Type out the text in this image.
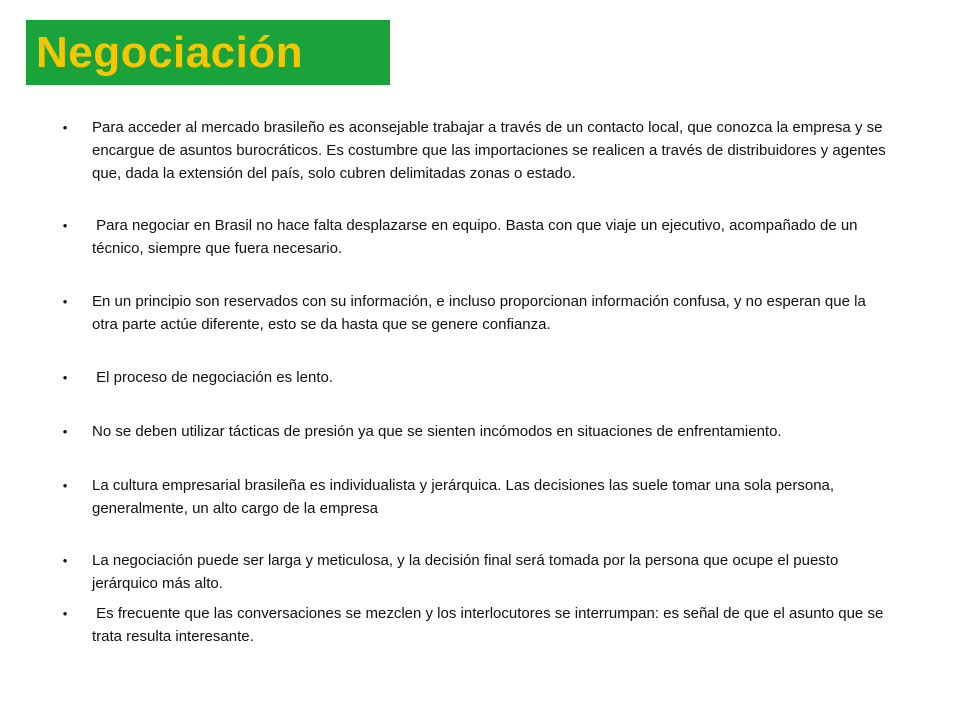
Negociación
•	Para acceder al mercado brasileño es aconsejable trabajar a través de un contacto local, que conozca la empresa y se encargue de asuntos burocráticos. Es costumbre que las importaciones se realicen a través de distribuidores y agentes que, dada la extensión del país, solo cubren delimitadas zonas o estado.
•	Para negociar en Brasil no hace falta desplazarse en equipo. Basta con que viaje un ejecutivo, acompañado de un técnico, siempre que fuera necesario.
•	En un principio son reservados con su información, e incluso proporcionan información confusa, y no esperan que la otra parte actúe diferente, esto se da hasta que se genere confianza.
•	El proceso de negociación es lento.
•	No se deben utilizar tácticas de presión ya que se sienten incómodos en situaciones de enfrentamiento.
•	La cultura empresarial brasileña es individualista y jerárquica. Las decisiones las suele tomar una sola persona, generalmente, un alto cargo de la empresa
•	La negociación puede ser larga y meticulosa, y la decisión final será tomada por la persona que ocupe el puesto jerárquico más alto.
•	Es frecuente que las conversaciones se mezclen y los interlocutores se interrumpan: es señal de que el asunto que se trata resulta interesante.
